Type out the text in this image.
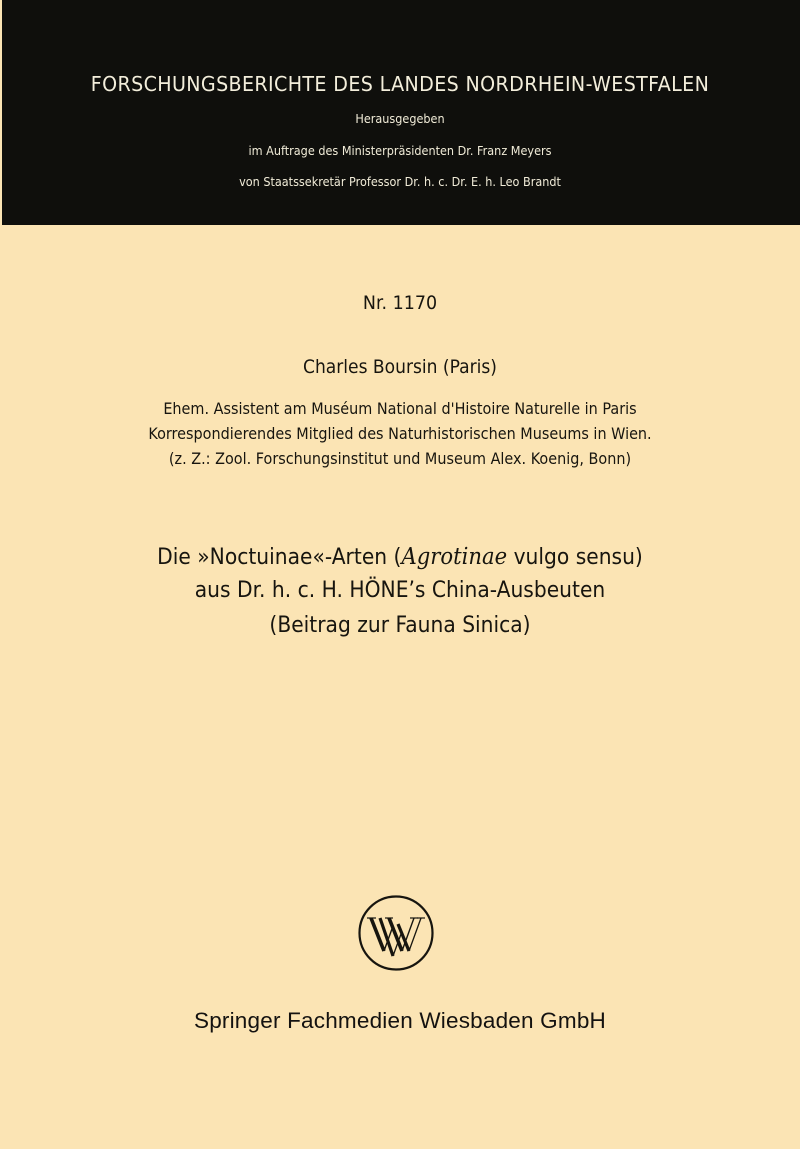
FORSCHUNGSBERICHTE DES LANDES NORDRHEIN-WESTFALEN
Herausgegeben
im Auftrage des Ministerpräsidenten Dr. Franz Meyers
von Staatssekretär Professor Dr. h. c. Dr. E. h. Leo Brandt
Nr. 1170
Charles Boursin (Paris)
Ehem. Assistent am Muséum National d'Histoire Naturelle in Paris
Korrespondierendes Mitglied des Naturhistorischen Museums in Wien.
(z. Z.: Zool. Forschungsinstitut und Museum Alex. Koenig, Bonn)
Die »Noctuinae«-Arten (Agrotinae vulgo sensu)
aus Dr. h. c. H. HÖNE’s China-Ausbeuten
(Beitrag zur Fauna Sinica)
Springer Fachmedien Wiesbaden GmbH
